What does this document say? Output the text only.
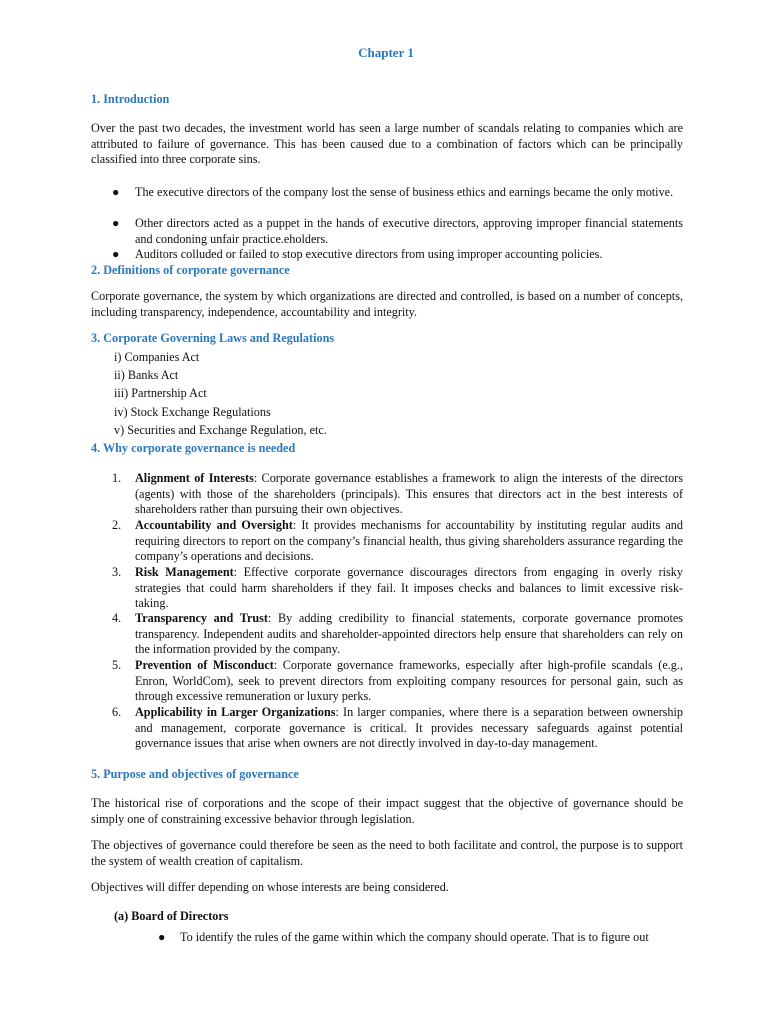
Chapter 1
1. Introduction
Over the past two decades, the investment world has seen a large number of scandals relating to companies which are attributed to failure of governance. This has been caused due to a combination of factors which can be principally classified into three corporate sins.
●	The executive directors of the company lost the sense of business ethics and earnings became the only motive.
●	Other directors acted as a puppet in the hands of executive directors, approving improper financial statements and condoning unfair practice.eholders.
●	Auditors colluded or failed to stop executive directors from using improper accounting policies.
2. Definitions of corporate governance
Corporate governance, the system by which organizations are directed and controlled, is based on a number of concepts, including transparency, independence, accountability and integrity.
3. Corporate Governing Laws and Regulations
i) Companies Act
ii) Banks Act
iii) Partnership Act
iv) Stock Exchange Regulations
v) Securities and Exchange Regulation, etc.
4. Why corporate governance is needed
1.	Alignment of Interests: Corporate governance establishes a framework to align the interests of the directors (agents) with those of the shareholders (principals). This ensures that directors act in the best interests of shareholders rather than pursuing their own objectives.
2.	Accountability and Oversight: It provides mechanisms for accountability by instituting regular audits and requiring directors to report on the company’s financial health, thus giving shareholders assurance regarding the company’s operations and decisions.
3.	Risk Management: Effective corporate governance discourages directors from engaging in overly risky strategies that could harm shareholders if they fail. It imposes checks and balances to limit excessive risk-taking.
4.	Transparency and Trust: By adding credibility to financial statements, corporate governance promotes transparency. Independent audits and shareholder-appointed directors help ensure that shareholders can rely on the information provided by the company.
5.	Prevention of Misconduct: Corporate governance frameworks, especially after high-profile scandals (e.g., Enron, WorldCom), seek to prevent directors from exploiting company resources for personal gain, such as through excessive remuneration or luxury perks.
6.	Applicability in Larger Organizations: In larger companies, where there is a separation between ownership and management, corporate governance is critical. It provides necessary safeguards against potential governance issues that arise when owners are not directly involved in day-to-day management.
5. Purpose and objectives of governance
The historical rise of corporations and the scope of their impact suggest that the objective of governance should be simply one of constraining excessive behavior through legislation.
The objectives of governance could therefore be seen as the need to both facilitate and control, the purpose is to support the system of wealth creation of capitalism.
Objectives will differ depending on whose interests are being considered.
(a) Board of Directors
●	To identify the rules of the game within which the company should operate. That is to figure out
